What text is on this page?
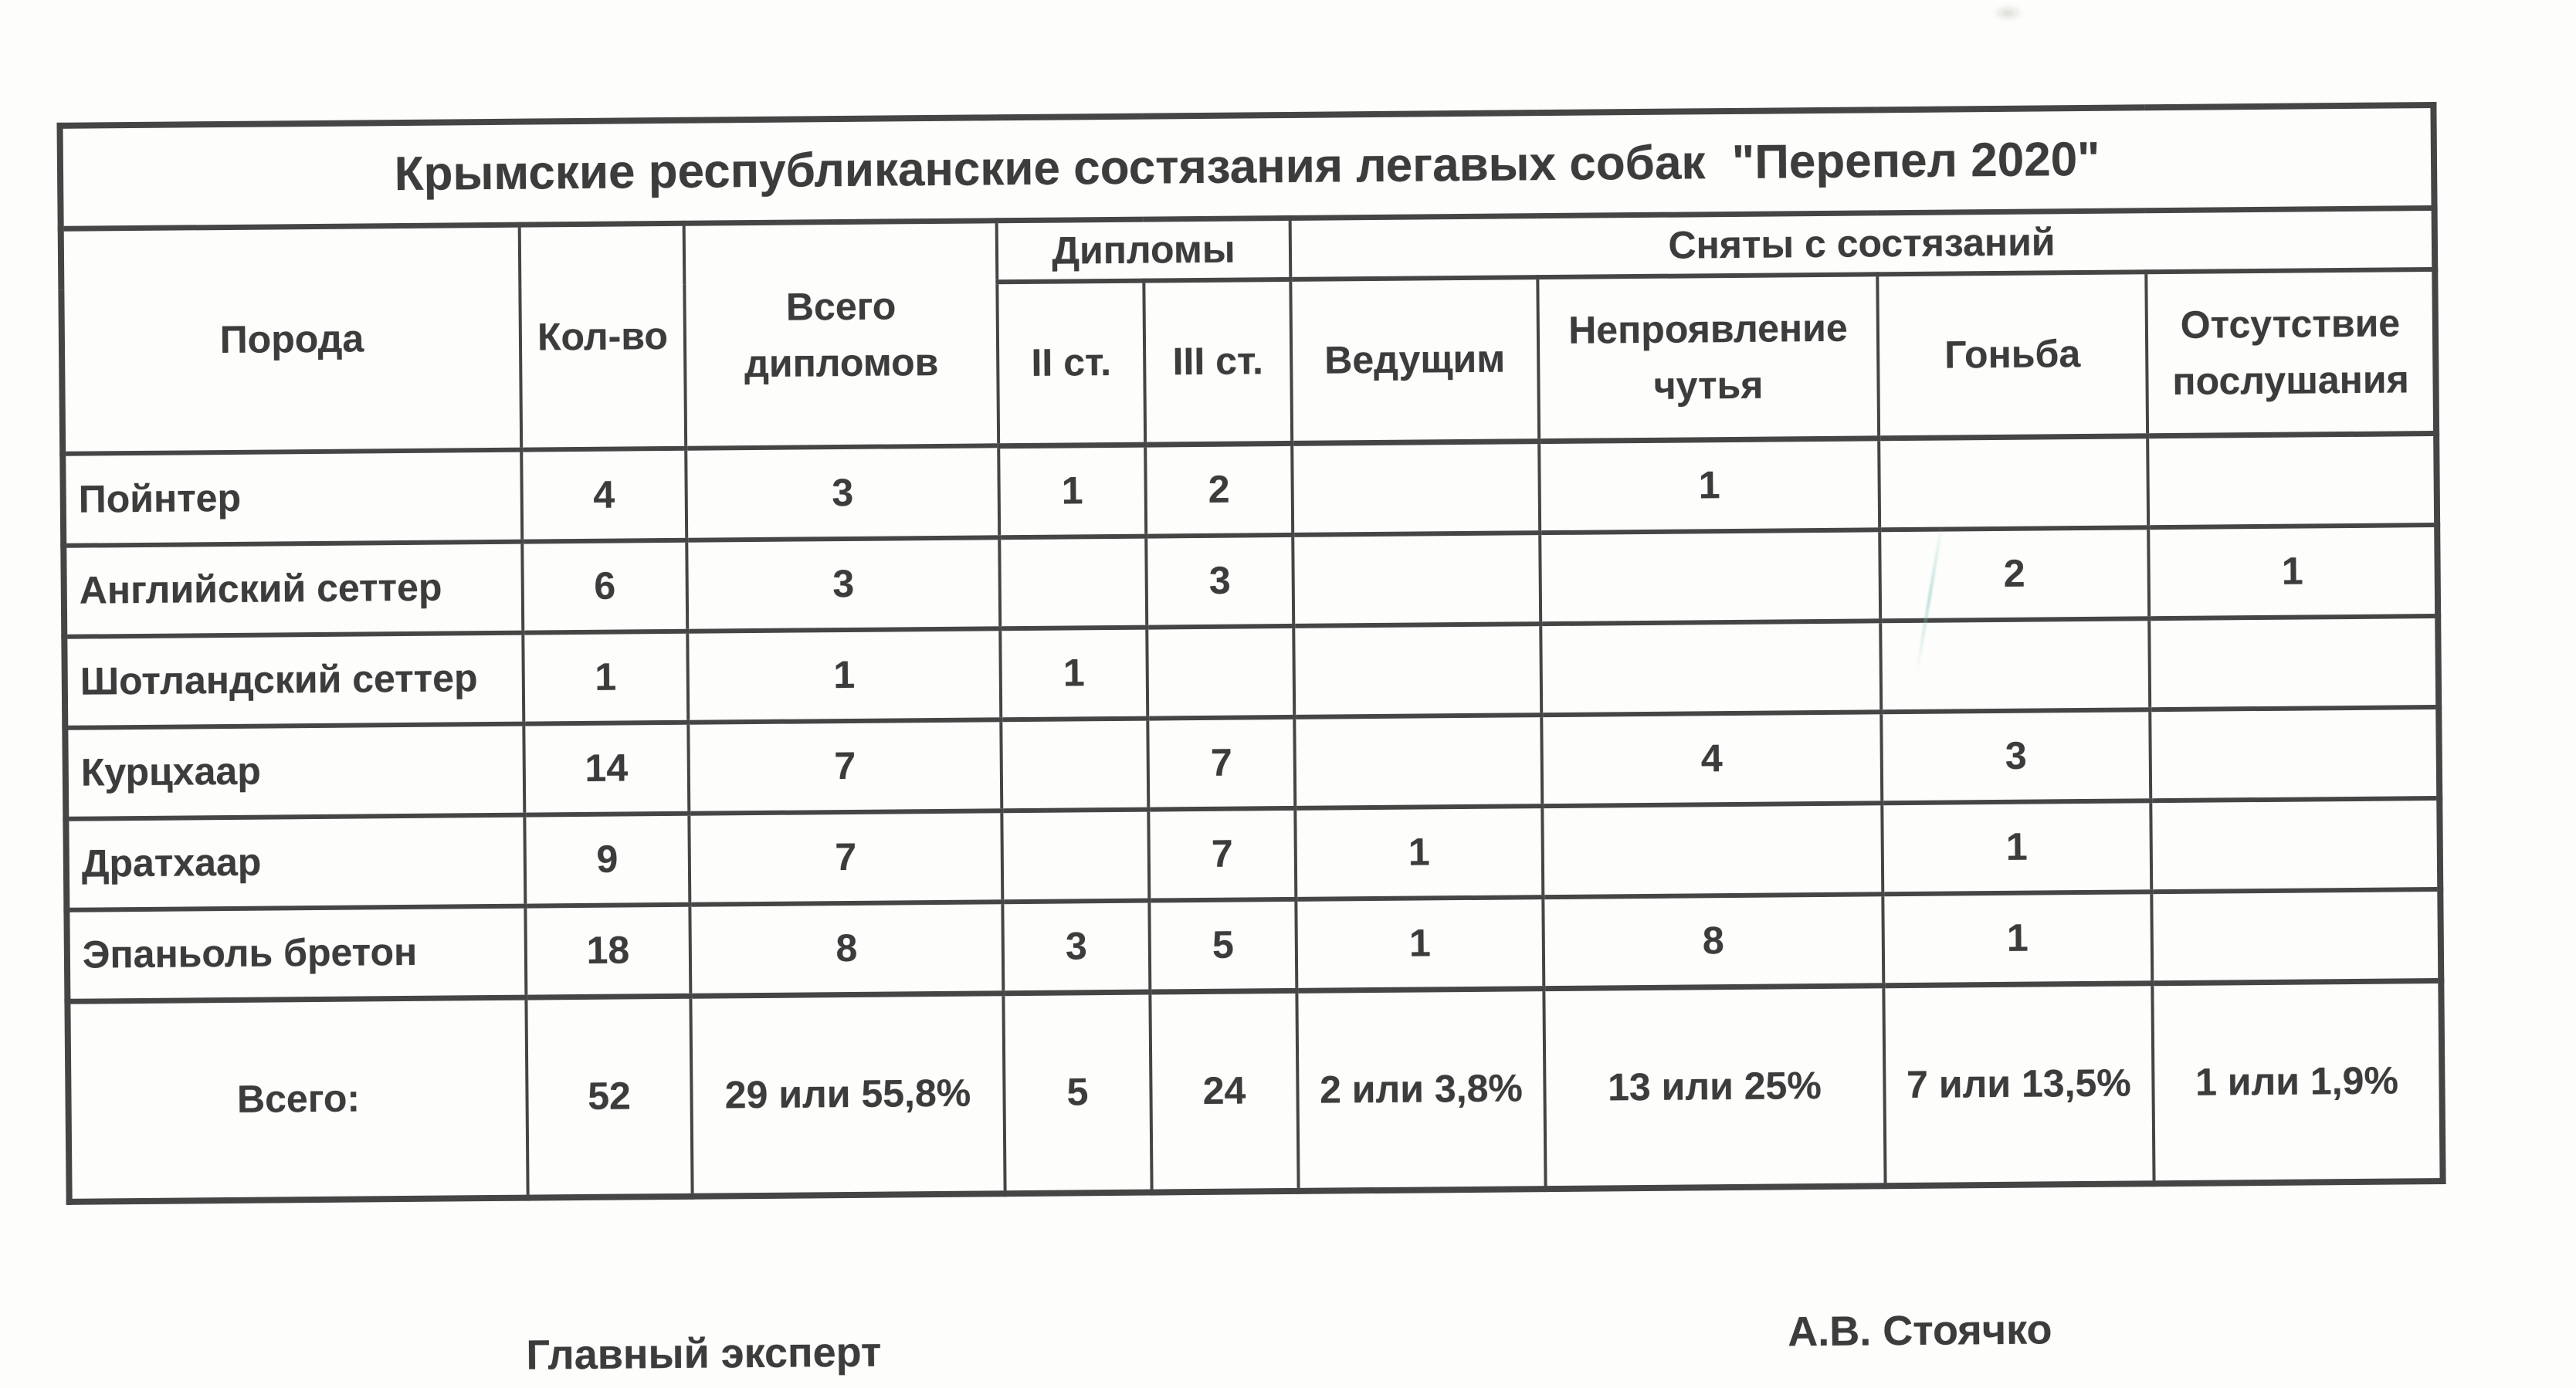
Крымские республиканские состязания легавых собак  "Перепел 2020"								
Порода	Кол-во	Всего дипломов	Дипломы		Сняты с состязаний			
			II ст.	III ст.	Ведущим	Непроявление чутья	Гоньба	Отсутствие послушания
Пойнтер	4	3	1	2		1		
Английский сеттер	6	3		3			2	1
Шотландский сеттер	1	1	1					
Курцхаар	14	7		7		4	3	
Дратхаар	9	7		7	1		1	
Эпаньоль бретон	18	8	3	5	1	8	1	
Всего:	52	29 или 55,8%	5	24	2 или 3,8%	13 или 25%	7 или 13,5%	1 или 1,9%
Главный эксперт	А.В. Стоячко
